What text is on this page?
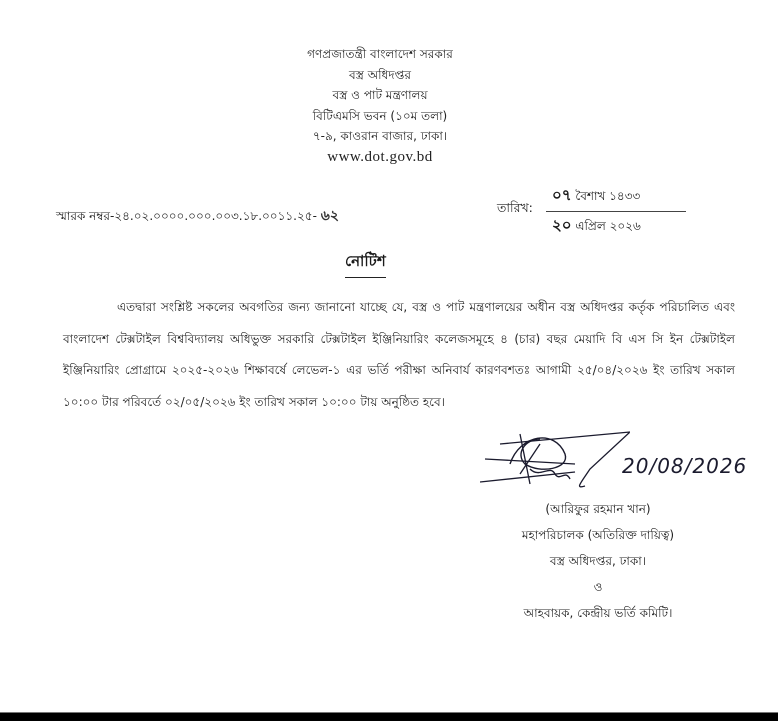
গণপ্রজাতন্ত্রী বাংলাদেশ সরকার
বস্ত্র অধিদপ্তর
বস্ত্র ও পাট মন্ত্রণালয়
বিটিএমসি ভবন (১০ম তলা)
৭-৯, কাওরান বাজার, ঢাকা।
www.dot.gov.bd
স্মারক নম্বর-২৪.০২.০০০০.০০০.০০৩.১৮.০০১১.২৫- ৬২
তারিখ:
০৭ বৈশাখ ১৪৩৩
২০ এপ্রিল ২০২৬
নোটিশ
এতদ্বারা সংশ্লিষ্ট সকলের অবগতির জন্য জানানো যাচ্ছে যে, বস্ত্র ও পাট মন্ত্রণালয়ের অধীন বস্ত্র অধিদপ্তর কর্তৃক পরিচালিত এবং বাংলাদেশ টেক্সটাইল বিশ্ববিদ্যালয় অধিভুক্ত সরকারি টেক্সটাইল ইঞ্জিনিয়ারিং কলেজসমূহে ৪ (চার) বছর মেয়াদি বি এস সি ইন টেক্সটাইল ইঞ্জিনিয়ারিং প্রোগ্রামে ২০২৫-২০২৬ শিক্ষাবর্ষে লেভেল-১ এর ভর্তি পরীক্ষা অনিবার্য কারণবশতঃ আগামী ২৫/০৪/২০২৬ ইং তারিখ সকাল ১০:০০ টার পরিবর্তে ০২/০৫/২০২৬ ইং তারিখ সকাল ১০:০০ টায় অনুষ্ঠিত হবে।
20/08/2026
(আরিফুর রহমান খান)
মহাপরিচালক (অতিরিক্ত দায়িত্ব)
বস্ত্র অধিদপ্তর, ঢাকা।
ও
আহবায়ক, কেন্দ্রীয় ভর্তি কমিটি।
